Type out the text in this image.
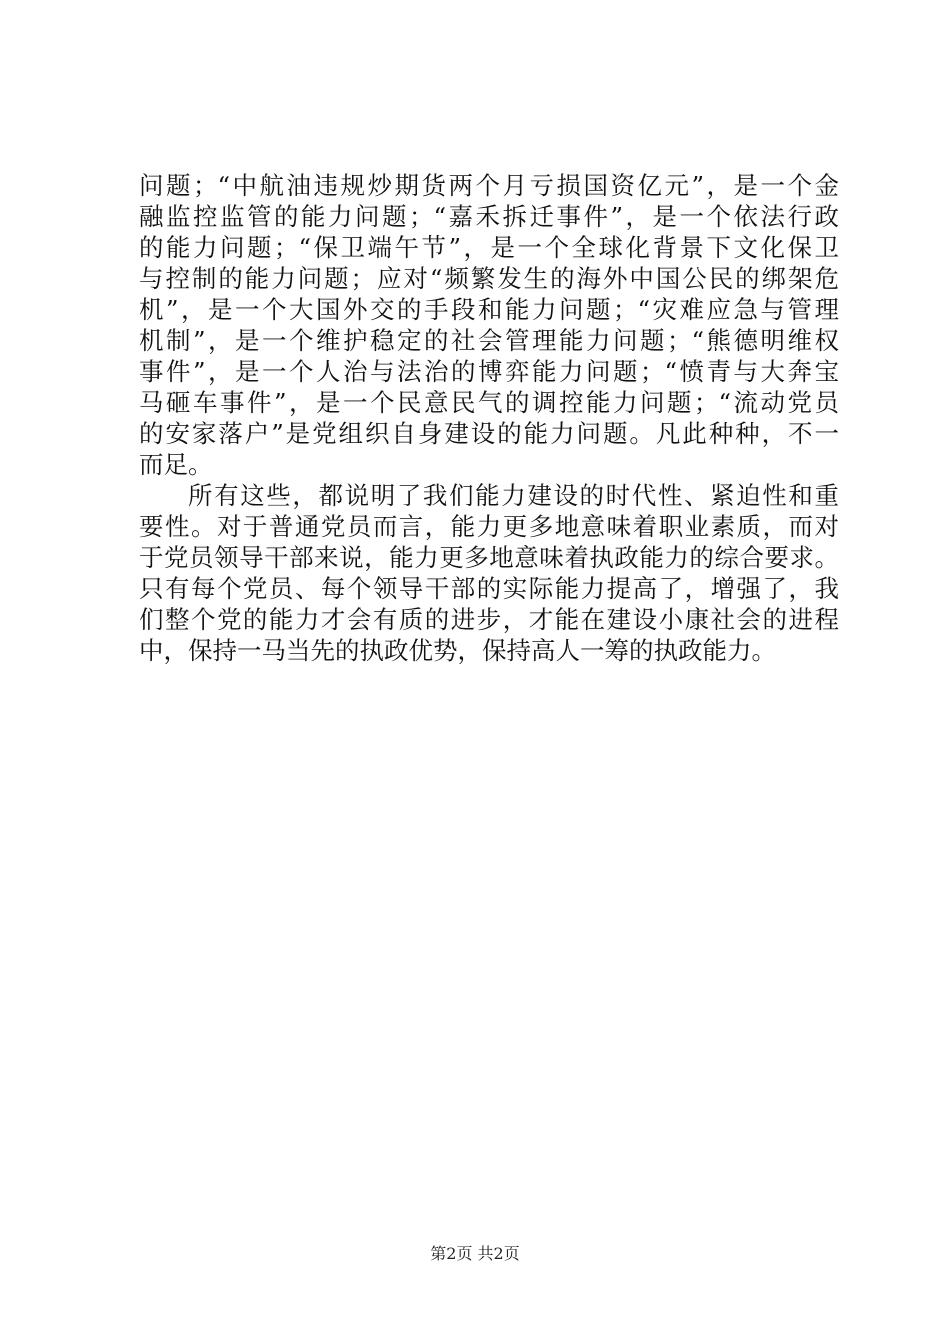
问题；“中航油违规炒期货两个月亏损国资亿元”，是一个金
融监控监管的能力问题；“嘉禾拆迁事件”，是一个依法行政
的能力问题；“保卫端午节”，是一个全球化背景下文化保卫
与控制的能力问题；应对“频繁发生的海外中国公民的绑架危
机”，是一个大国外交的手段和能力问题；“灾难应急与管理
机制”，是一个维护稳定的社会管理能力问题；“熊德明维权
事件”，是一个人治与法治的博弈能力问题；“愤青与大奔宝
马砸车事件”，是一个民意民气的调控能力问题；“流动党员
的安家落户”是党组织自身建设的能力问题。凡此种种，不一
而足。
所有这些，都说明了我们能力建设的时代性、紧迫性和重
要性。对于普通党员而言，能力更多地意味着职业素质，而对
于党员领导干部来说，能力更多地意味着执政能力的综合要求。
只有每个党员、每个领导干部的实际能力提高了，增强了，我
们整个党的能力才会有质的进步，才能在建设小康社会的进程
中，保持一马当先的执政优势，保持高人一筹的执政能力。
第2页 共2页
